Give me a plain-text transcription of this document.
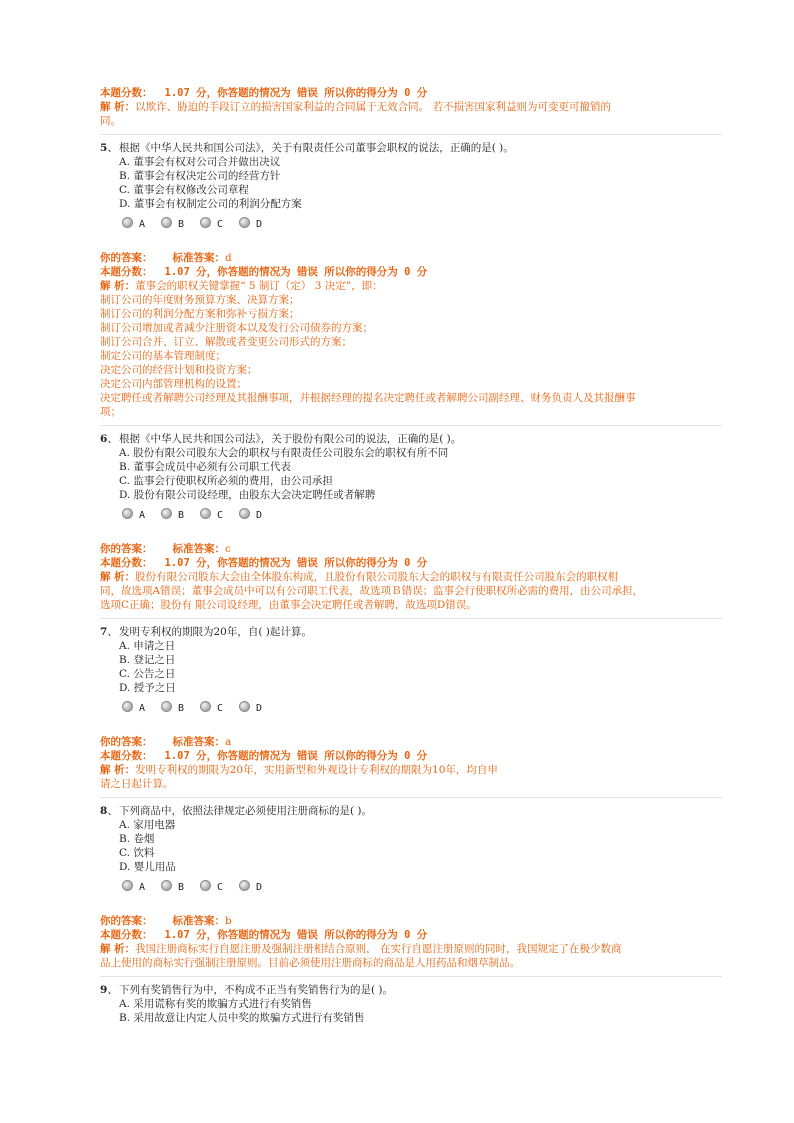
本题分数： 1.07 分，你答题的情况为 错误 所以你的得分为 0 分
解 析：以欺诈、胁迫的手段订立的损害国家利益的合同属于无效合同。 若不损害国家利益则为可变更可撤销的
同。
5、根据《中华人民共和国公司法》，关于有限责任公司董事会职权的说法，正确的是( )。
A. 董事会有权对公司合并做出决议
B. 董事会有权决定公司的经营方针
C. 董事会有权修改公司章程
D. 董事会有权制定公司的利润分配方案
A	B	C	D
你的答案： 标准答案：d
本题分数： 1.07 分，你答题的情况为 错误 所以你的得分为 0 分
解 析：董事会的职权关键掌握“ 5 制订（定） 3 决定”，即：
制订公司的年度财务预算方案、决算方案；
制订公司的利润分配方案和弥补亏损方案；
制订公司增加或者减少注册资本以及发行公司债券的方案；
制订公司合并、订立、解散或者变更公司形式的方案；
制定公司的基本管理制度；
决定公司的经营计划和投资方案；
决定公司内部管理机构的设置；
决定聘任或者解聘公司经理及其报酬事项，并根据经理的提名决定聘任或者解聘公司副经理、财务负责人及其报酬事
项；
6、根据《中华人民共和国公司法》，关于股份有限公司的说法，正确的是( )。
A. 股份有限公司股东大会的职权与有限责任公司股东会的职权有所不同
B. 董事会成员中必须有公司职工代表
C. 监事会行使职权所必须的费用，由公司承担
D. 股份有限公司设经理，由股东大会决定聘任或者解聘
A	B	C	D
你的答案： 标准答案：c
本题分数： 1.07 分，你答题的情况为 错误 所以你的得分为 0 分
解 析：股份有限公司股东大会由全体股东构成，且股份有限公司股东大会的职权与有限责任公司股东会的职权相
同，故选项A错误；董事会成员中可以有公司职工代表，故选项Ｂ错误；监事会行使职权所必需的费用，由公司承担，
选项C正确；股份有 限公司设经理，由董事会决定聘任或者解聘，故选项D错误。
7、发明专利权的期限为20年，自( )起计算。
A. 申请之日
B. 登记之日
C. 公告之日
D. 授予之日
A	B	C	D
你的答案： 标准答案：a
本题分数： 1.07 分，你答题的情况为 错误 所以你的得分为 0 分
解 析：发明专利权的期限为20年，实用新型和外观设计专利权的期限为10年，均自申
请之日起计算。
8、下列商品中，依照法律规定必须使用注册商标的是( )。
A. 家用电器
B. 卷烟
C. 饮料
D. 婴儿用品
A	B	C	D
你的答案： 标准答案：b
本题分数： 1.07 分，你答题的情况为 错误 所以你的得分为 0 分
解 析：我国注册商标实行自愿注册及强制注册相结合原则， 在实行自愿注册原则的同时，我国规定了在极少数商
品上使用的商标实行强制注册原则。目前必须使用注册商标的商品是人用药品和烟草制品。
9、下列有奖销售行为中，不构成不正当有奖销售行为的是( )。
A. 采用谎称有奖的欺骗方式进行有奖销售
B. 采用故意让内定人员中奖的欺骗方式进行有奖销售
